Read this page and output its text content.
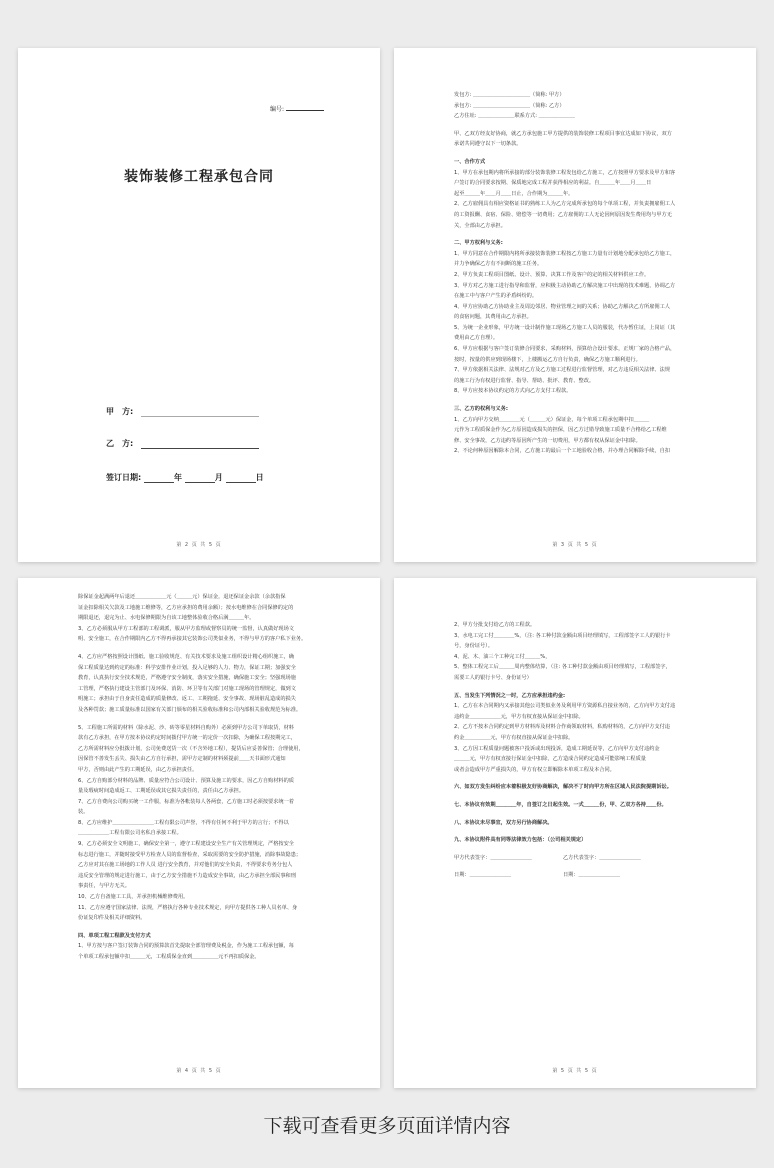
编号:
装饰装修工程承包合同
甲　方:
乙　方:
签订日期:	年	月	日
第 2 页 共 5 页

发包方: ＿＿＿＿＿＿＿＿＿＿＿（简称: 甲方）

承包方: ＿＿＿＿＿＿＿＿＿＿＿（简称: 乙方）

乙方住址: ＿＿＿＿＿＿＿联系方式: ＿＿＿＿＿＿＿

甲、乙双方经友好协商，就乙方承包施工甲方提供的装饰装修工程项目事宜达成如下协议，双方

承诺共同遵守以下一切条款。

一、合作方式

1、甲方在承包期内将所承接的部分装饰装修工程发包给乙方施工，乙方按照甲方要求及甲方和客

户签订的合同要求按期、保质地完成工程并获得相应的利益。自＿＿＿年＿＿月＿＿日

起至＿＿＿年＿＿月＿＿日止，合作期为＿＿＿年。

2、乙方雇佣具有相应资格证书的熟练工人为乙方完成所承包的每个单项工程，并负责拥雇佣工人

的工资报酬、食宿、保险、赔偿等一切费用；乙方雇佣的工人无论因何原因发生费用均与甲方无

关，全部由乙方承担。

二、甲方权利与义务:

1、甲方同意在合作期限内将所承接装饰装修工程按乙方施工力量有计划地分配承包给乙方施工，

并力争确保乙方有不间断的施工任务。

2、甲方负责工程项目图纸、设计、预算、决算工作及客户的定的相关材料供应工作。

3、甲方对乙方施工进行指导和监督，应积极主动协助乙方解决施工中出现的技术难题，协调乙方

在施工中与客户产生的矛盾纠纷的。

4、甲方应协助乙方协助业主及周边邻居、物业管理之间的关系；协助乙方解决乙方所雇佣工人

的食宿问题，其费用由乙方承担。

5、为统一企业形象，甲方统一设计制作施工现场乙方施工人员的服装，代办暂住证，上岗证（其

费用由乙方自理）。

6、甲方应根据与客户签订装修合同要求，采购材料，预算给合设计要求，正规厂家的合格产品，

按时，按量的供应到现场楼下，上楼搬运乙方自行负责，确保乙方施工顺利进行。

7、甲方依据相关法律、法规对乙方及乙方施工过程进行监督管理，对乙方违反相关法律、法规

的施工行为有权进行监督、指导、帮助、批评、教育、整改。

8、甲方应按本协议约定的方式向乙方支付工程款。

三、乙方的权利与义务:

1、乙方向甲方交纳＿＿＿＿元（＿＿＿元）保证金，每个单项工程承包期中扣＿＿＿

元作为工程质保金作为乙方原因造成损失的担保，因乙方过错导致施工质量不合格给乙工程维

修、安全事故，乙方违约等原因所产生的一切费用，甲方都有权从保证金中扣除。

2、不论何种原因解除本合同，乙方施工的最后一个工地验收合格，并办理合同解除手续，自扣

第 3 页 共 5 页

除保证金起满两年后退还＿＿＿＿＿＿元（＿＿＿元）保证金，退还保证金余款（余款指保

证金扣除相关欠款及工地施工维修等，乙方应承担的费用余额）；按水电维修在合同保修的定的

期限退还，退完为止、水电保修期限为自该工地整体验收合格后满＿＿＿年。

3、乙方必须服从甲方工程部的工程调派，服从甲方监理或督察员的统一监督，认真做好现场文

明、安全施工，在合作期限内乙方不得再承接其它装饰公司类似业务，不得与甲方的客户私下业务。

4、乙方应严格按照设计图纸、施工验收规范、有关技术要求及施工组织设计精心组织施工，确

保工程质量达到约定的标准：科学安排作业计划，投入足够的人力、物力，保证工期；加强安全

教育，认真执行安全技术规范，严格遵守安全制度，落实安全措施，确保施工安全；坚强现场施

工管理，严格执行建设主管部门及环保、消防、环卫等有关部门对施工现场的管理规定，做到文

明施工；承担由于自身责任造成的质量修改、返工、工期拖延、安全事故、现场脏乱造成的损失

及各种罚款；施工质量标准以国家有关部门颁布的相关验收标准和公司内部相关验收规范为标准。

5、工程施工所需的材料（除水泥、沙、砖等零星材料自购外）必须到甲方公司下单取货，材料

款有乙方承担，在甲方按本协议约定时间拨付甲方统一的定价一次扣除，为确保工程按期完工，

乙方所需材料应分批拨计划，公司免费送货一次（不含外地工程），提货后应妥善保管；合理使用，

因保管不善发生丢失、损失由乙方自行承担，需甲方定制的材料须提前＿＿天书面形式通知

甲方，否则由此产生的工期延误，由乙方承担责任。

6、乙方自购部分材料的品牌、质量应符合公司设计、预算及施工的要求，因乙方自购材料的质

量及瑕疵时间造成返工、工期延误或其它损失责任的，责任由乙方承担。

7、乙方自费向公司购买统一工作服，标准为各帐装每人各两套，乙方施工时必须按要求统一着

装。

8、乙方应维护＿＿＿＿＿＿＿＿工程有限公司声誉，不得有任何不利于甲方的言行；不得以

＿＿＿＿＿＿工程有限公司名私自承接工程。

9、乙方必须安全文明施工，确保安全第一，遵守工程建设安全生产有关管理规定，严格按安全

标志进行施工，并随时接受甲方检查人员的监督检查，采取需要的安全防护措施，消除事故隐患；

乙方应对其在施工场地的工作人员 进行安全教育，并对他们的安全负责，不得要求劳务分包人

违反安全管理的规定进行施工，由于乙方安全措施不力造成安全事故，由乙方承担全部民事和刑

事责任，与甲方无关。

10、乙方自备施工工具，并承担机械维修费用。

11、乙方应遵守国家法律、法规，严格执行各种专业技术规定，向甲方提供各工种人员名单、身

份证复印件及相关详细资料。

四、单项工程工程款及支付方式

1、甲方按与客户签订装饰合同的预算款首先提取全部管理费及税金，作为施工工程承包额，每

个单项工程承包额中扣＿＿＿元，工程质保金直到＿＿＿＿＿元不再扣质保金。

第 4 页 共 5 页

2、甲方分批支付给乙方的工程款。

3、水电工完工付＿＿＿＿%，（注: 各工种付款金额由项目经理填写，工程部签字工人的银行卡

号，身份证号）。

4、泥、木、油三个工种完工付＿＿＿%，

5、整体工程完工后＿＿＿周内整体结算，（注: 各工种付款金额由项目经理填写，工程部签字，

需要工人的银行卡号、身份证号）

五、当发生下列情况之一时，乙方应承担违约金:

1、乙方在本合同期内又承接其他公司类似业务及利用甲方资源私自接业务的，乙方向甲方支付违

违约金＿＿＿＿＿＿元，甲方有权直接从保证金中扣除。

2、乙方不按本合同约定到甲方材料库及材料合作商领取材料，私购材料的，乙方向甲方支付违

约金＿＿＿＿＿元，甲方有权直接从保证金中扣除。

3、乙方因工程质量问题被客户投诉或出现投诉，造成工期延误等，乙方向甲方支付违约金

＿＿＿元，甲方有权直接行保证金中扣除，乙方造成合同约定造成可能影响工程质量

或者会造成甲方严重损失的，甲方有权立即解除本单项工程及本合同。

六、如双方发生纠纷应本着积极友好协商解决，解决不了时向甲方所在区域人民法院提期诉讼。

七、本协议有效期＿＿＿＿年，自签订之日起生效。一式＿＿＿份，甲、乙双方各持＿＿份。

八、本协议未尽事宜，双方另行协商解决。

九、本协议附件具有同等法律效力包括：（公司相关规定）

甲方代表签字：＿＿＿＿＿＿＿＿　　　　　　乙方代表签字：＿＿＿＿＿＿＿＿

日期：＿＿＿＿＿＿＿＿　　　　　　　　　　日期：＿＿＿＿＿＿＿＿

第 5 页 共 5 页
下载可查看更多页面详情内容
